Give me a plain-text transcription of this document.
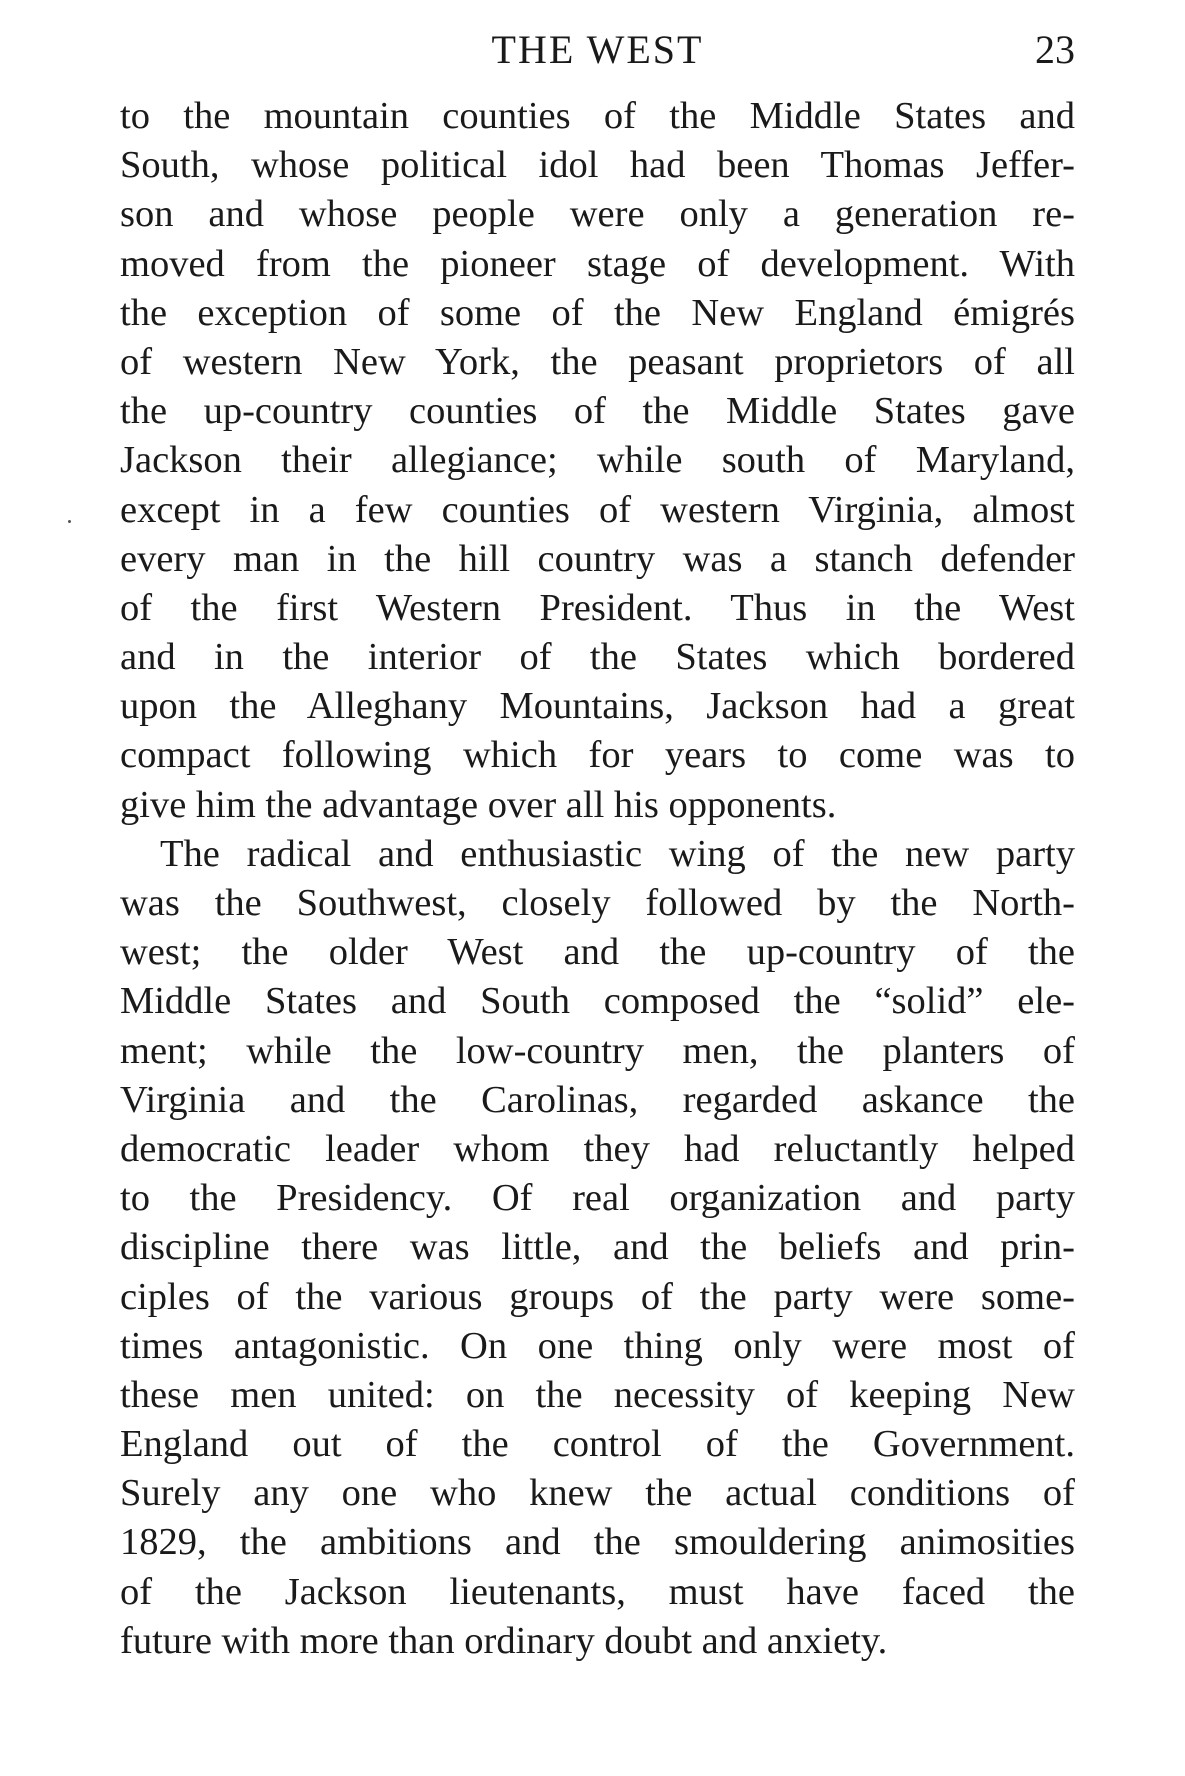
THE WEST	23
to the mountain counties of the Middle States and
South, whose political idol had been Thomas Jeffer-
son and whose people were only a generation re-
moved from the pioneer stage of development. With
the exception of some of the New England émigrés
of western New York, the peasant proprietors of all
the up-country counties of the Middle States gave
Jackson their allegiance; while south of Maryland,
except in a few counties of western Virginia, almost
every man in the hill country was a stanch defender
of the first Western President. Thus in the West
and in the interior of the States which bordered
upon the Alleghany Mountains, Jackson had a great
compact following which for years to come was to
give him the advantage over all his opponents.
The radical and enthusiastic wing of the new party
was the Southwest, closely followed by the North-
west; the older West and the up-country of the
Middle States and South composed the “solid” ele-
ment; while the low-country men, the planters of
Virginia and the Carolinas, regarded askance the
democratic leader whom they had reluctantly helped
to the Presidency. Of real organization and party
discipline there was little, and the beliefs and prin-
ciples of the various groups of the party were some-
times antagonistic. On one thing only were most of
these men united: on the necessity of keeping New
England out of the control of the Government.
Surely any one who knew the actual conditions of
1829, the ambitions and the smouldering animosities
of the Jackson lieutenants, must have faced the
future with more than ordinary doubt and anxiety.
